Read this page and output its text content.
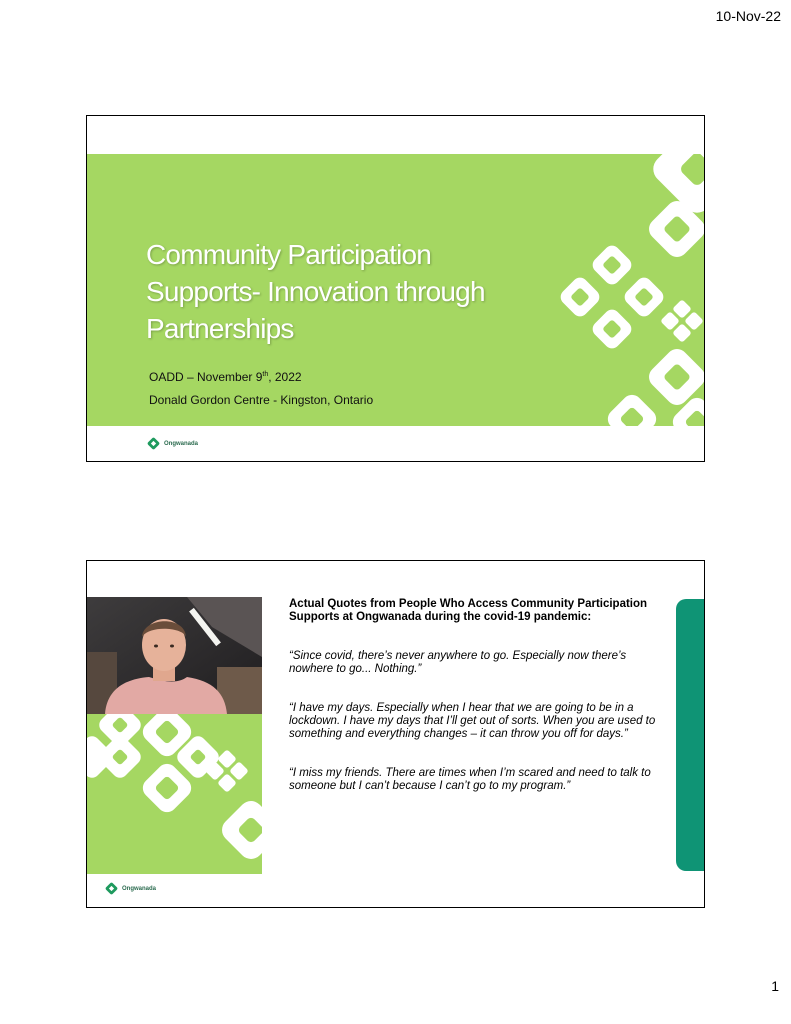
10-Nov-22
Community Participation
Supports- Innovation through
Partnerships
OADD – November 9th, 2022
Donald Gordon Centre - Kingston, Ontario
Ongwanada

Actual Quotes from People Who Access Community Participation Supports at Ongwanada during the covid-19 pandemic:

“Since covid, there’s never anywhere to go. Especially now there’s nowhere to go... Nothing.”

“I have my days. Especially when I hear that we are going to be in a lockdown. I have my days that I’ll get out of sorts. When you are used to something and everything changes – it can throw you off for days.”

“I miss my friends. There are times when I’m scared and need to talk to someone but I can’t because I can’t go to my program.”

Ongwanada
1
